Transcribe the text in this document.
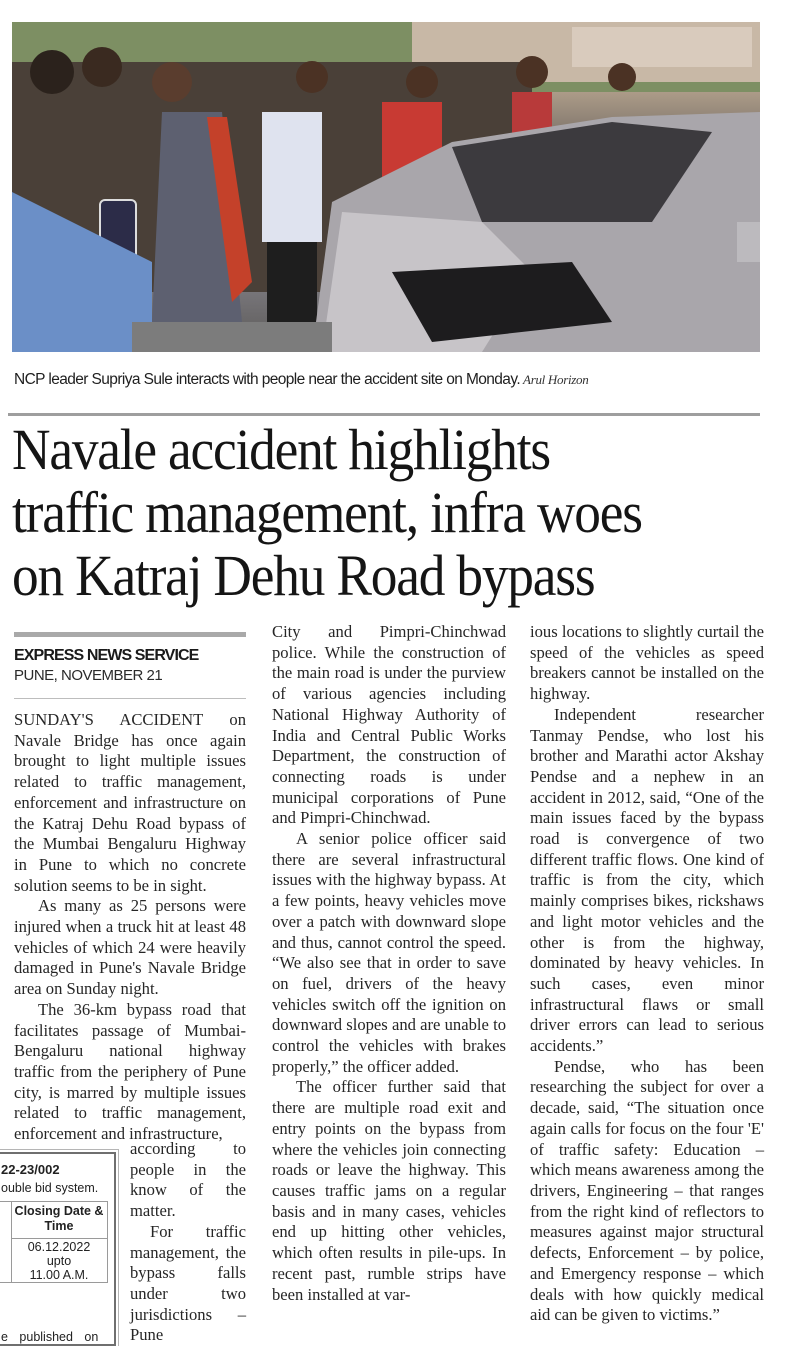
NCP leader Supriya Sule interacts with people near the accident site on Monday. Arul Horizon
Navale accident highlights
traffic management, infra woes
on Katraj Dehu Road bypass
EXPRESS NEWS SERVICE
PUNE, NOVEMBER 21

SUNDAY'S ACCIDENT on Navale Bridge has once again brought to light multiple issues related to traffic management, enforcement and infrastructure on the Katraj Dehu Road bypass of the Mumbai Bengaluru Highway in Pune to which no concrete solution seems to be in sight.

As many as 25 persons were injured when a truck hit at least 48 vehicles of which 24 were heavily damaged in Pune's Navale Bridge area on Sunday night.

The 36-km bypass road that facilitates passage of Mumbai-Bengaluru national highway traffic from the periphery of Pune city, is marred by multiple issues related to traffic management, enforcement and infrastructure,

according to people in the know of the matter.

For traffic management, the bypass falls under two jurisdictions – Pune

22-23/002
ouble bid system.
Closing Date & Time
06.12.2022
upto
11.00 A.M.
e published on

City and Pimpri-Chinchwad police. While the construction of the main road is under the purview of various agencies including National Highway Authority of India and Central Public Works Department, the construction of connecting roads is under municipal corporations of Pune and Pimpri-Chinchwad.

A senior police officer said there are several infrastructural issues with the highway bypass. At a few points, heavy vehicles move over a patch with downward slope and thus, cannot control the speed. “We also see that in order to save on fuel, drivers of the heavy vehicles switch off the ignition on downward slopes and are unable to control the vehicles with brakes properly,” the officer added.

The officer further said that there are multiple road exit and entry points on the bypass from where the vehicles join connecting roads or leave the highway. This causes traffic jams on a regular basis and in many cases, vehicles end up hitting other vehicles, which often results in pile-ups. In recent past, rumble strips have been installed at var-

ious locations to slightly curtail the speed of the vehicles as speed breakers cannot be installed on the highway.

Independent researcher Tanmay Pendse, who lost his brother and Marathi actor Akshay Pendse and a nephew in an accident in 2012, said, “One of the main issues faced by the bypass road is convergence of two different traffic flows. One kind of traffic is from the city, which mainly comprises bikes, rickshaws and light motor vehicles and the other is from the highway, dominated by heavy vehicles. In such cases, even minor infrastructural flaws or small driver errors can lead to serious accidents.”

Pendse, who has been researching the subject for over a decade, said, “The situation once again calls for focus on the four 'E' of traffic safety: Education – which means awareness among the drivers, Engineering – that ranges from the right kind of reflectors to measures against major structural defects, Enforcement – by police, and Emergency response – which deals with how quickly medical aid can be given to victims.”
